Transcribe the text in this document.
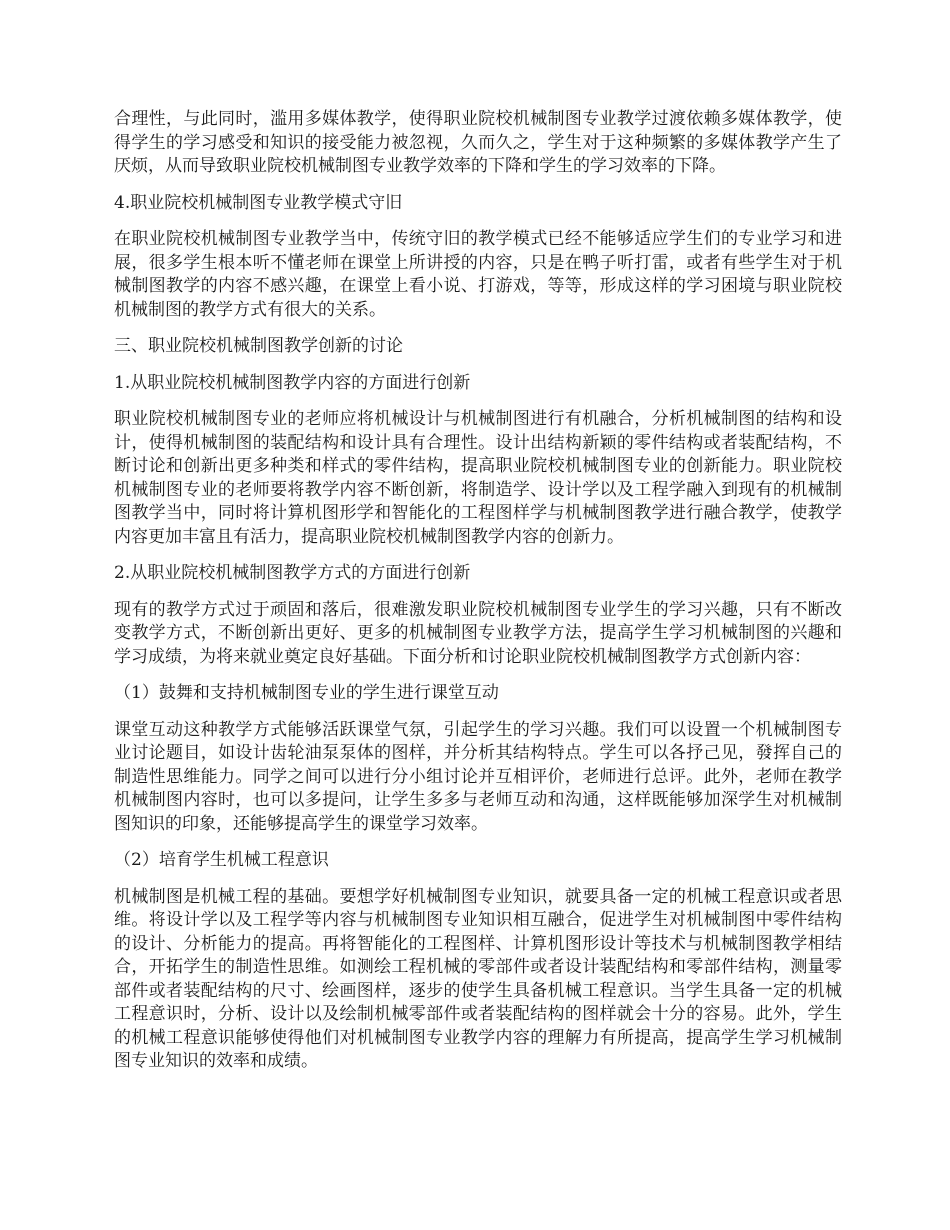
合理性，与此同时，滥用多媒体教学，使得职业院校机械制图专业教学过渡依赖多媒体教学，使得学生的学习感受和知识的接受能力被忽视，久而久之，学生对于这种频繁的多媒体教学产生了厌烦，从而导致职业院校机械制图专业教学效率的下降和学生的学习效率的下降。

4.职业院校机械制图专业教学模式守旧

在职业院校机械制图专业教学当中，传统守旧的教学模式已经不能够适应学生们的专业学习和进展，很多学生根本听不懂老师在课堂上所讲授的内容，只是在鸭子听打雷，或者有些学生对于机械制图教学的内容不感兴趣，在课堂上看小说、打游戏，等等，形成这样的学习困境与职业院校机械制图的教学方式有很大的关系。

三、职业院校机械制图教学创新的讨论

1.从职业院校机械制图教学内容的方面进行创新

职业院校机械制图专业的老师应将机械设计与机械制图进行有机融合，分析机械制图的结构和设计，使得机械制图的装配结构和设计具有合理性。设计出结构新颖的零件结构或者装配结构，不断讨论和创新出更多种类和样式的零件结构，提高职业院校机械制图专业的创新能力。职业院校机械制图专业的老师要将教学内容不断创新，将制造学、设计学以及工程学融入到现有的机械制图教学当中，同时将计算机图形学和智能化的工程图样学与机械制图教学进行融合教学，使教学内容更加丰富且有活力，提高职业院校机械制图教学内容的创新力。

2.从职业院校机械制图教学方式的方面进行创新

现有的教学方式过于顽固和落后，很难激发职业院校机械制图专业学生的学习兴趣，只有不断改变教学方式，不断创新出更好、更多的机械制图专业教学方法，提高学生学习机械制图的兴趣和学习成绩，为将来就业奠定良好基础。下面分析和讨论职业院校机械制图教学方式创新内容：

（1）鼓舞和支持机械制图专业的学生进行课堂互动

课堂互动这种教学方式能够活跃课堂气氛，引起学生的学习兴趣。我们可以设置一个机械制图专业讨论题目，如设计齿轮油泵泵体的图样，并分析其结构特点。学生可以各抒己见，發挥自己的制造性思维能力。同学之间可以进行分小组讨论并互相评价，老师进行总评。此外，老师在教学机械制图内容时，也可以多提问，让学生多多与老师互动和沟通，这样既能够加深学生对机械制图知识的印象，还能够提高学生的课堂学习效率。

（2）培育学生机械工程意识

机械制图是机械工程的基础。要想学好机械制图专业知识，就要具备一定的机械工程意识或者思维。将设计学以及工程学等内容与机械制图专业知识相互融合，促进学生对机械制图中零件结构的设计、分析能力的提高。再将智能化的工程图样、计算机图形设计等技术与机械制图教学相结合，开拓学生的制造性思维。如测绘工程机械的零部件或者设计装配结构和零部件结构，测量零部件或者装配结构的尺寸、绘画图样，逐步的使学生具备机械工程意识。当学生具备一定的机械工程意识时，分析、设计以及绘制机械零部件或者装配结构的图样就会十分的容易。此外，学生的机械工程意识能够使得他们对机械制图专业教学内容的理解力有所提高，提高学生学习机械制图专业知识的效率和成绩。
